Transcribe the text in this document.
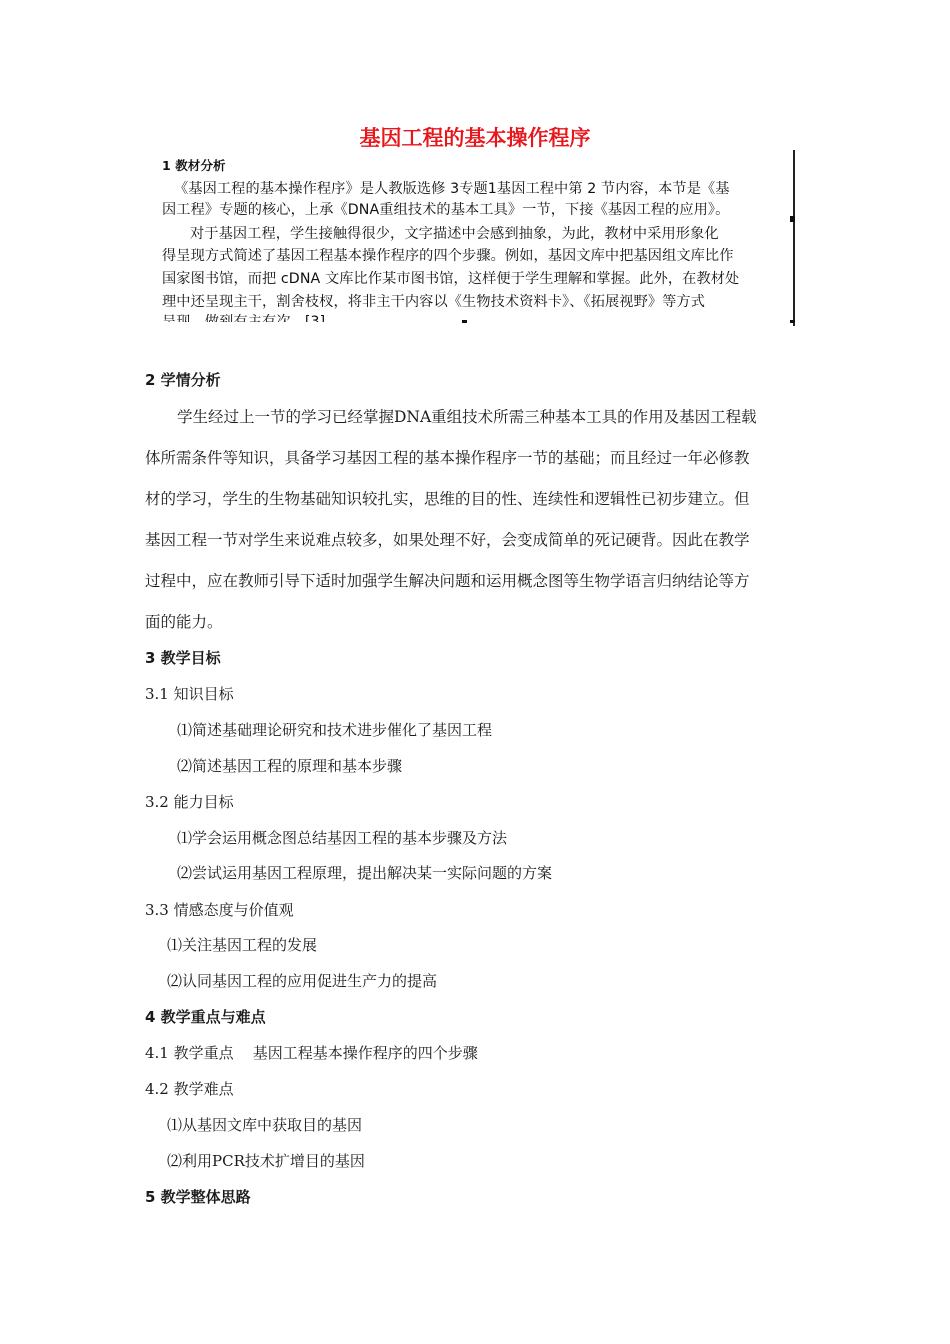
基因工程的基本操作程序
1 教材分析
《基因工程的基本操作程序》是人教版选修 3专题1基因工程中第 2 节内容，本节是《基
因工程》专题的核心，上承《DNA重组技术的基本工具》一节，下接《基因工程的应用》。
对于基因工程，学生接触得很少，文字描述中会感到抽象，为此，教材中采用形象化
得呈现方式简述了基因工程基本操作程序的四个步骤。例如，基因文库中把基因组文库比作
国家图书馆，而把 cDNA 文库比作某市图书馆，这样便于学生理解和掌握。此外，在教材处
理中还呈现主干，割舍枝杈，将非主干内容以《生物技术资料卡》、《拓展视野》等方式
2 学情分析
学生经过上一节的学习已经掌握DNA重组技术所需三种基本工具的作用及基因工程载
体所需条件等知识，具备学习基因工程的基本操作程序一节的基础；而且经过一年必修教
材的学习，学生的生物基础知识较扎实，思维的目的性、连续性和逻辑性已初步建立。但
基因工程一节对学生来说难点较多，如果处理不好，会变成简单的死记硬背。因此在教学
过程中，应在教师引导下适时加强学生解决问题和运用概念图等生物学语言归纳结论等方
面的能力。
3 教学目标
3.1 知识目标
⑴简述基础理论研究和技术进步催化了基因工程
⑵简述基因工程的原理和基本步骤
3.2 能力目标
⑴学会运用概念图总结基因工程的基本步骤及方法
⑵尝试运用基因工程原理，提出解决某一实际问题的方案
3.3 情感态度与价值观
⑴关注基因工程的发展
⑵认同基因工程的应用促进生产力的提高
4 教学重点与难点
4.1 教学重点    基因工程基本操作程序的四个步骤
4.2 教学难点
⑴从基因文库中获取目的基因
⑵利用PCR技术扩增目的基因
5 教学整体思路
